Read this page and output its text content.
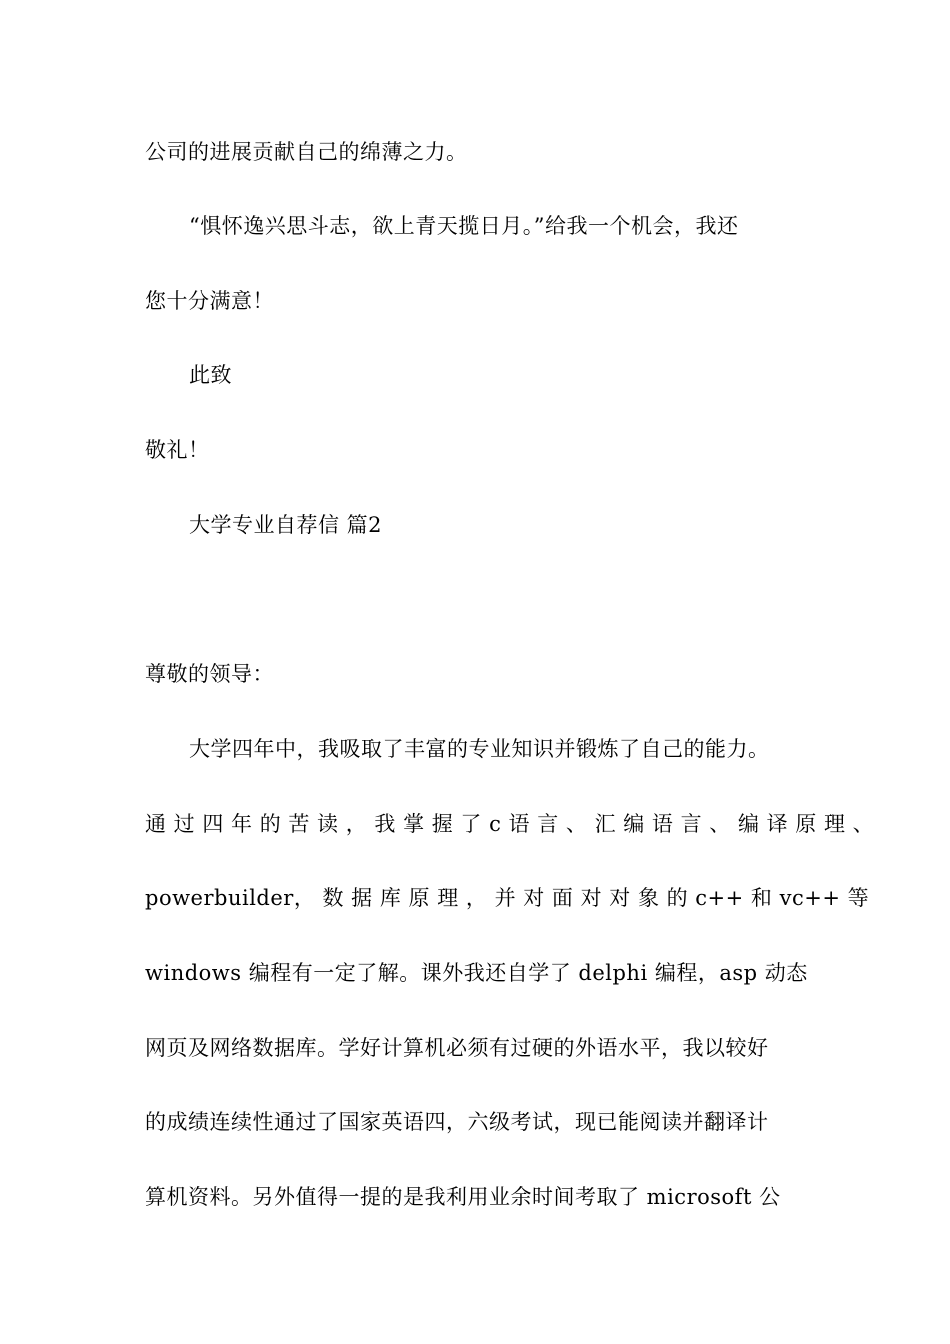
公司的进展贡献自己的绵薄之力。
“惧怀逸兴思斗志，欲上青天揽日月。”给我一个机会，我还
您十分满意！
此致
敬礼！
大学专业自荐信 篇2
尊敬的领导：
大学四年中，我吸取了丰富的专业知识并锻炼了自己的能力。
通 过 四 年 的 苦 读 ， 我 掌 握 了 c 语 言 、 汇 编 语 言 、 编 译 原 理 、
powerbuilder， 数 据 库 原 理 ， 并 对 面 对 对 象 的 c++ 和 vc++ 等
windows 编程有一定了解。课外我还自学了 delphi 编程，asp 动态
网页及网络数据库。学好计算机必须有过硬的外语水平，我以较好
的成绩连续性通过了国家英语四，六级考试，现已能阅读并翻译计
算机资料。另外值得一提的是我利用业余时间考取了 microsoft 公
